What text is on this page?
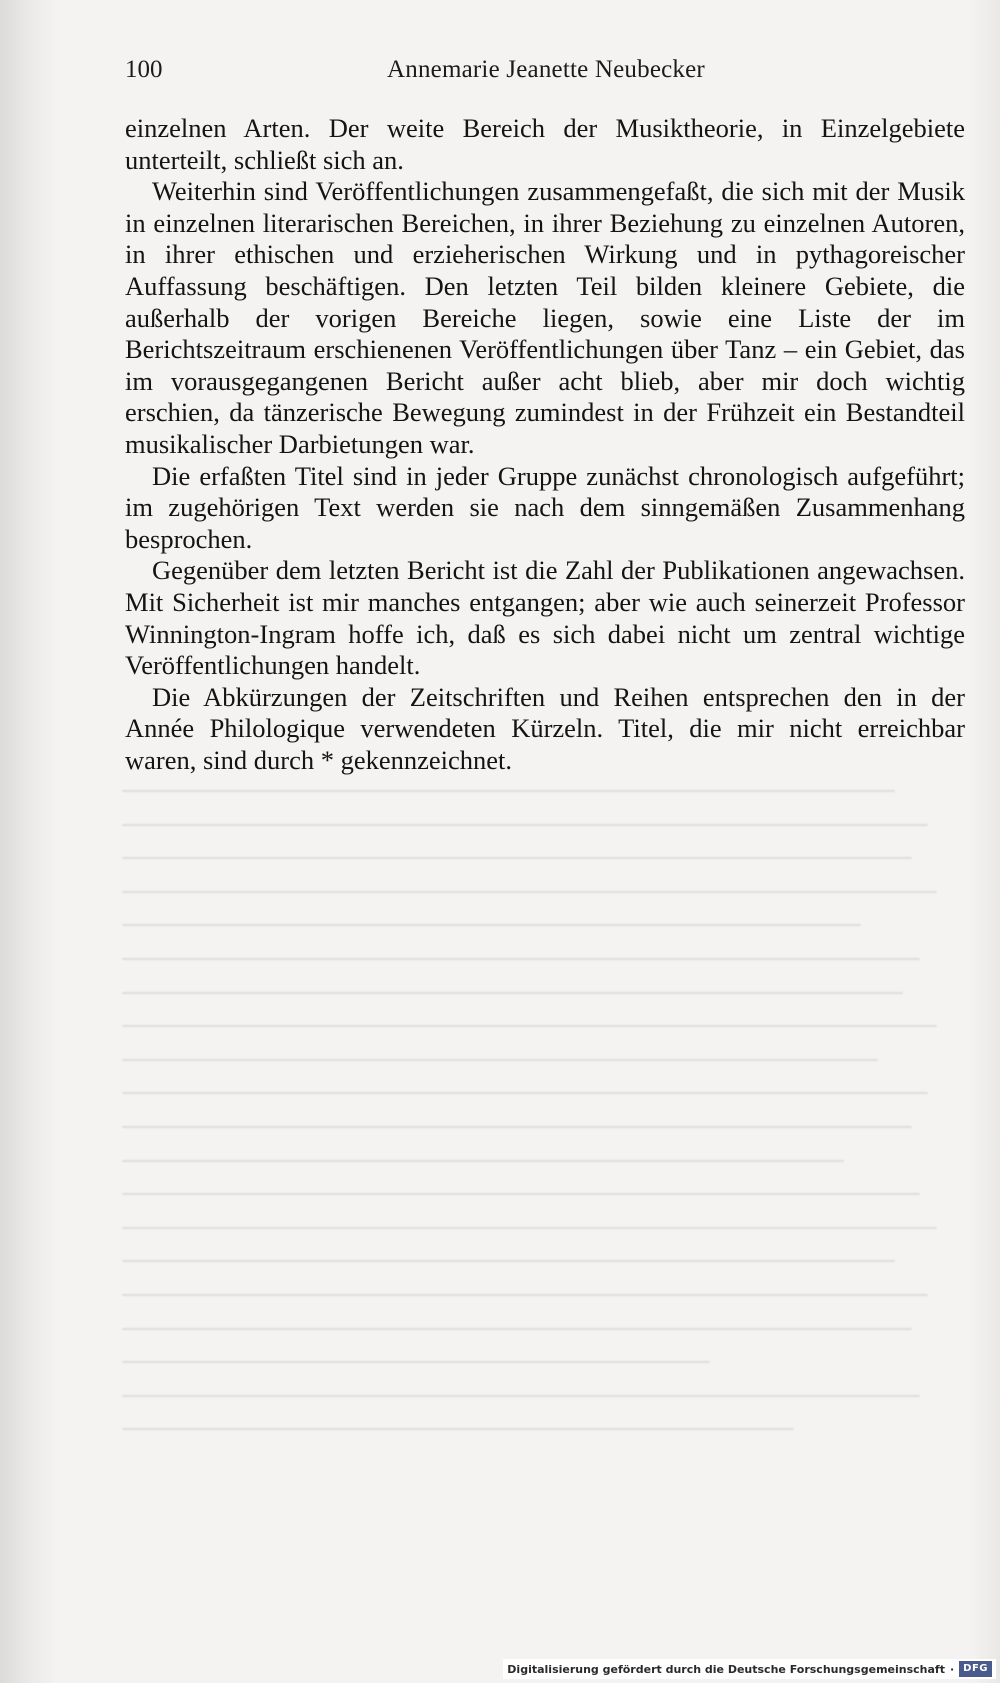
100	Annemarie Jeanette Neubecker

einzelnen Arten. Der weite Bereich der Musiktheorie, in Einzelgebiete unterteilt, schließt sich an.

Weiterhin sind Veröffentlichungen zusammengefaßt, die sich mit der Musik in einzelnen literarischen Bereichen, in ihrer Beziehung zu einzelnen Autoren, in ihrer ethischen und erzieherischen Wirkung und in pythagoreischer Auffassung beschäftigen. Den letzten Teil bilden kleinere Gebiete, die außerhalb der vorigen Bereiche liegen, sowie eine Liste der im Berichtszeitraum erschienenen Veröffentlichungen über Tanz – ein Gebiet, das im vorausgegangenen Bericht außer acht blieb, aber mir doch wichtig erschien, da tänzerische Bewegung zumindest in der Frühzeit ein Bestandteil musikalischer Darbietungen war.

Die erfaßten Titel sind in jeder Gruppe zunächst chronologisch aufgeführt; im zugehörigen Text werden sie nach dem sinngemäßen Zusammenhang besprochen.

Gegenüber dem letzten Bericht ist die Zahl der Publikationen angewachsen. Mit Sicherheit ist mir manches entgangen; aber wie auch seinerzeit Professor Winnington-Ingram hoffe ich, daß es sich dabei nicht um zentral wichtige Veröffentlichungen handelt.

Die Abkürzungen der Zeitschriften und Reihen entsprechen den in der Année Philologique verwendeten Kürzeln. Titel, die mir nicht erreichbar waren, sind durch * gekennzeichnet.

Digitalisierung gefördert durch die Deutsche Forschungsgemeinschaft · DFG
